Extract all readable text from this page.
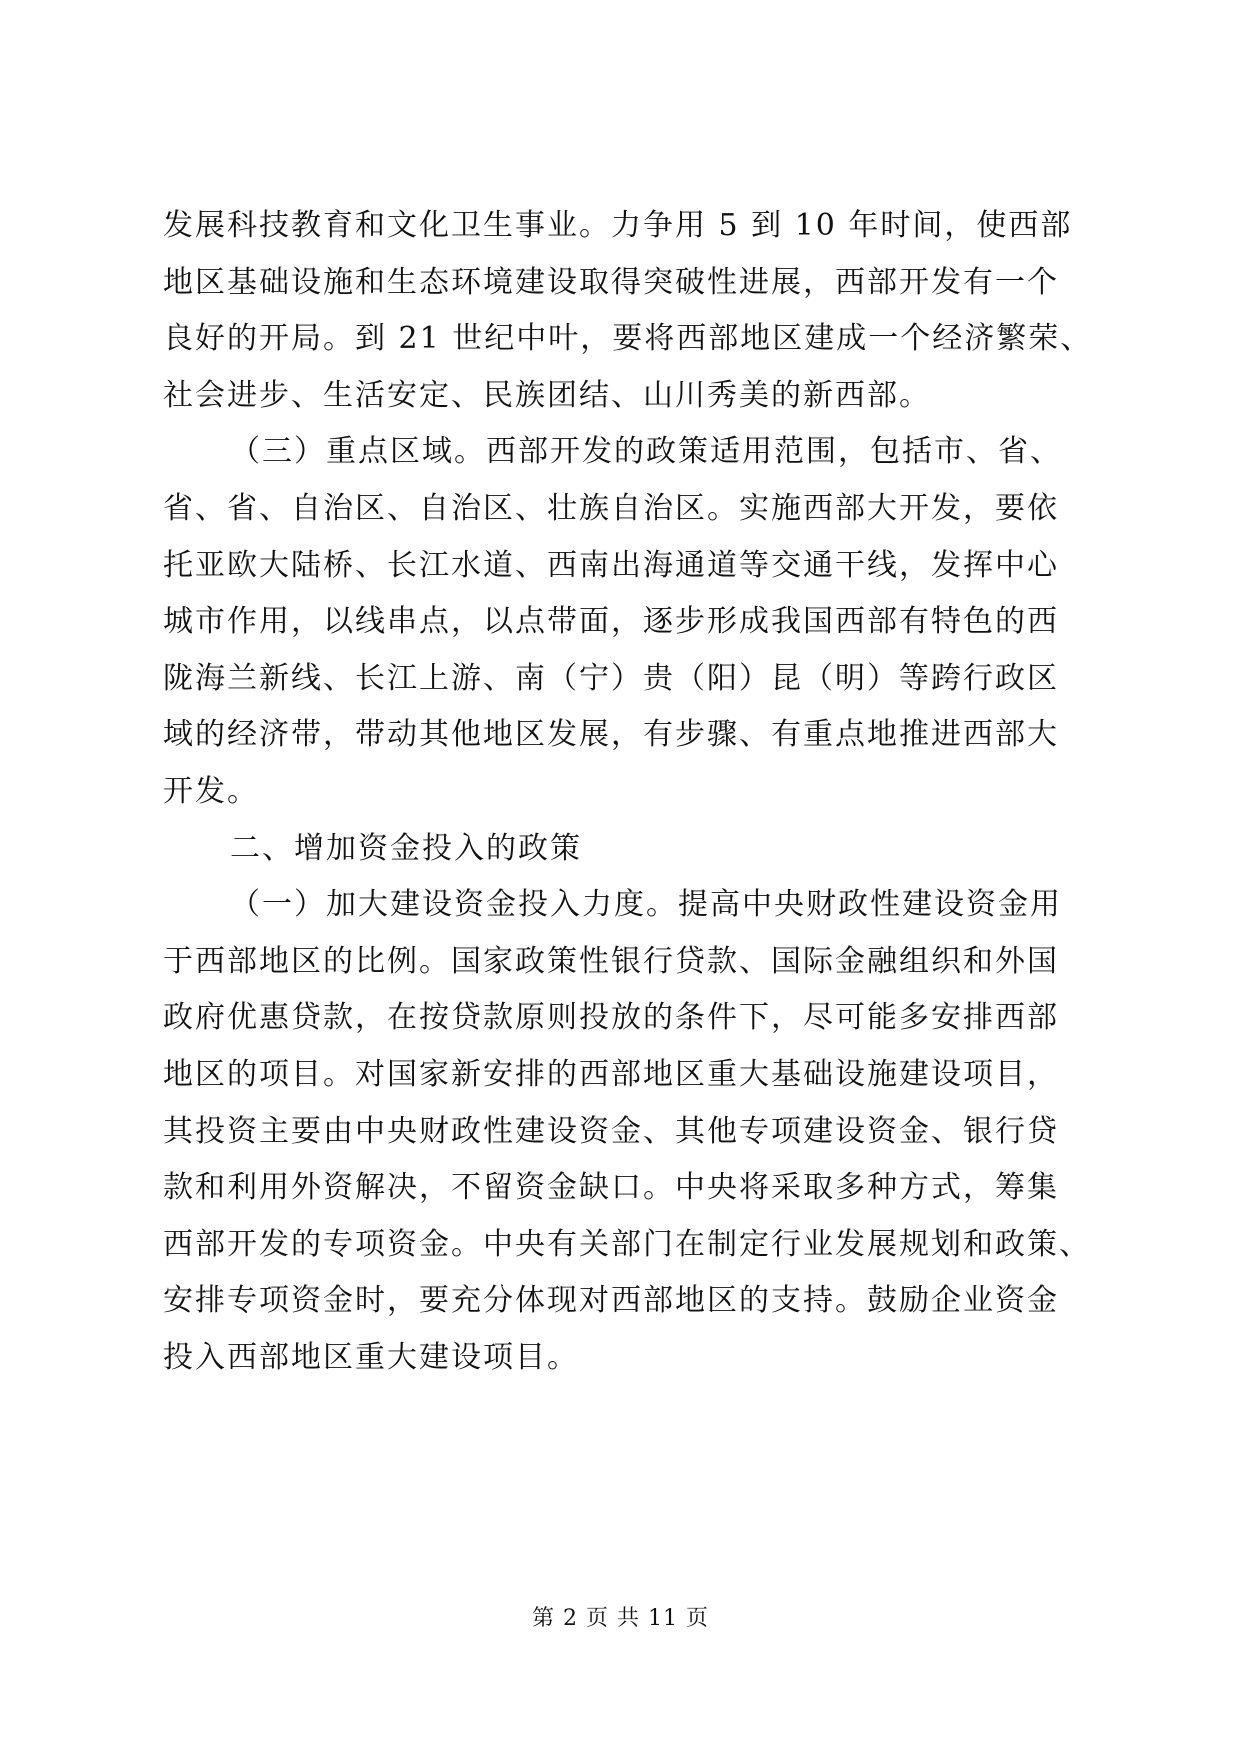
发展科技教育和文化卫生事业。力争用 5 到 10 年时间，使西部
地区基础设施和生态环境建设取得突破性进展，西部开发有一个
良好的开局。到 21 世纪中叶，要将西部地区建成一个经济繁荣、
社会进步、生活安定、民族团结、山川秀美的新西部。
（三）重点区域。西部开发的政策适用范围，包括市、省、
省、省、自治区、自治区、壮族自治区。实施西部大开发，要依
托亚欧大陆桥、长江水道、西南出海通道等交通干线，发挥中心
城市作用，以线串点，以点带面，逐步形成我国西部有特色的西
陇海兰新线、长江上游、南（宁）贵（阳）昆（明）等跨行政区
域的经济带，带动其他地区发展，有步骤、有重点地推进西部大
开发。
二、增加资金投入的政策
（一）加大建设资金投入力度。提高中央财政性建设资金用
于西部地区的比例。国家政策性银行贷款、国际金融组织和外国
政府优惠贷款，在按贷款原则投放的条件下，尽可能多安排西部
地区的项目。对国家新安排的西部地区重大基础设施建设项目，
其投资主要由中央财政性建设资金、其他专项建设资金、银行贷
款和利用外资解决，不留资金缺口。中央将采取多种方式，筹集
西部开发的专项资金。中央有关部门在制定行业发展规划和政策、
安排专项资金时，要充分体现对西部地区的支持。鼓励企业资金
投入西部地区重大建设项目。
第 2 页 共 11 页
